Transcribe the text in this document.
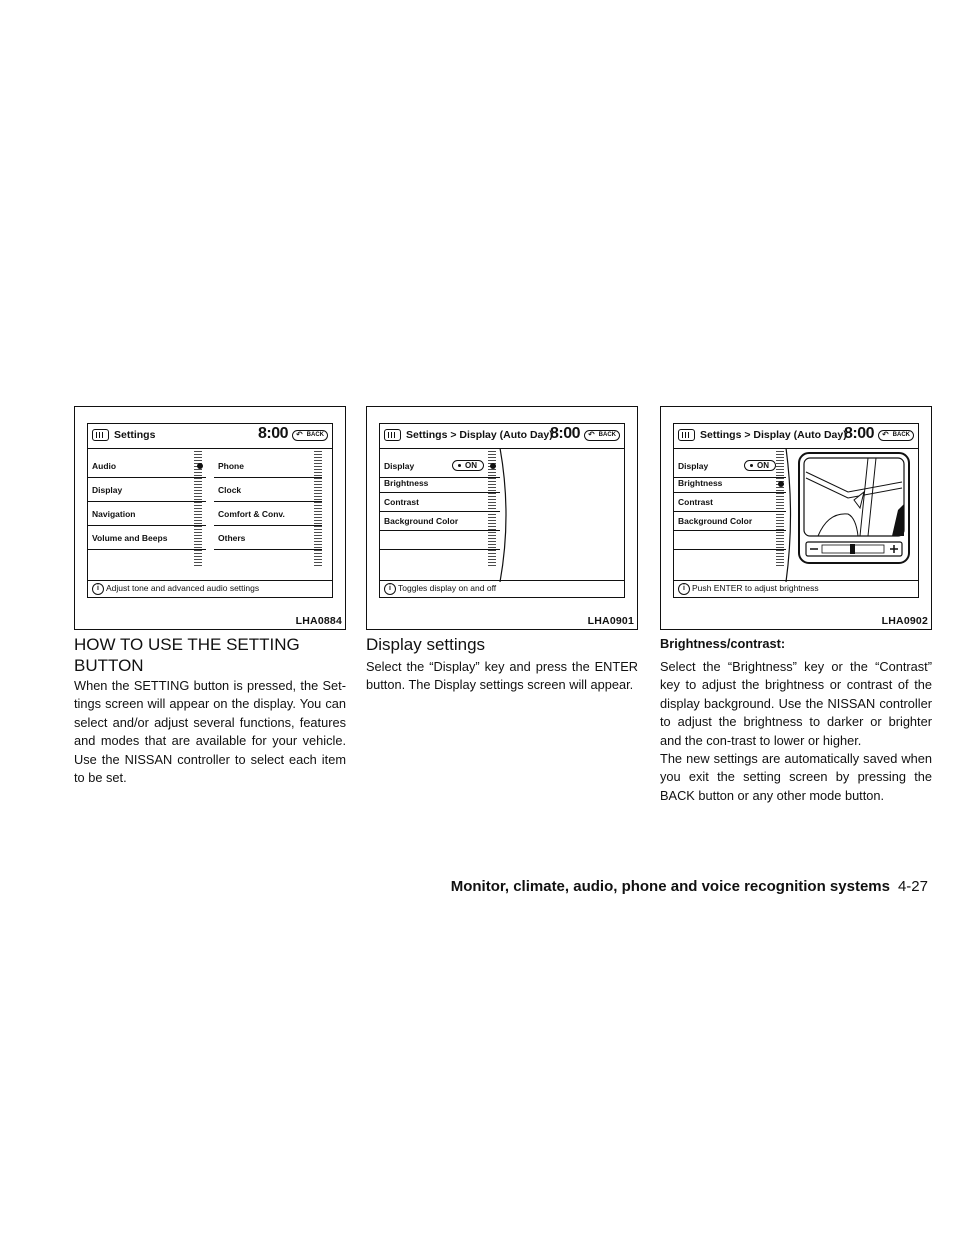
Settings	8:00	↶ BACK
Audio
Display
Navigation
Volume and Beeps
Phone
Clock
Comfort & Conv.
Others
i Adjust tone and advanced audio settings
LHA0884
Settings > Display (Auto Day)
8:00	↶ BACK
Display	ON
Brightness
Contrast
Background Color
i Toggles display on and off
LHA0901
Settings > Display (Auto Day)
8:00	↶ BACK
Display	ON
Brightness
Contrast
Background Color
i Push ENTER to adjust brightness
LHA0902
HOW TO USE THE SETTING BUTTON
When the SETTING button is pressed, the Set-tings screen will appear on the display. You can select and/or adjust several functions, features and modes that are available for your vehicle. Use the NISSAN controller to select each item to be set.
Display settings
Select the “Display” key and press the ENTER button. The Display settings screen will appear.
Brightness/contrast:
Select the “Brightness” key or the “Contrast” key to adjust the brightness or contrast of the display background. Use the NISSAN controller to adjust the brightness to darker or brighter and the con-trast to lower or higher.
The new settings are automatically saved when you exit the setting screen by pressing the BACK button or any other mode button.
Monitor, climate, audio, phone and voice recognition systems 4-27
